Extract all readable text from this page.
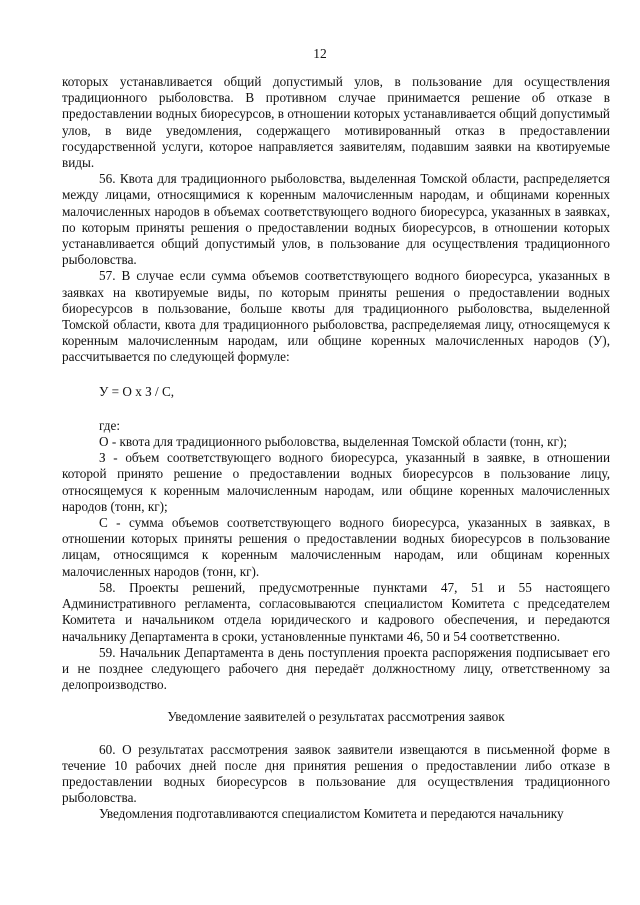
12

которых устанавливается общий допустимый улов, в пользование для осуществления традиционного рыболовства. В противном случае принимается решение об отказе в предоставлении водных биоресурсов, в отношении которых устанавливается общий допустимый улов, в виде уведомления, содержащего мотивированный отказ в предоставлении государственной услуги, которое направляется заявителям, подавшим заявки на квотируемые виды.

56. Квота для традиционного рыболовства, выделенная Томской области, распределяется между лицами, относящимися к коренным малочисленным народам, и общинами коренных малочисленных народов в объемах соответствующего водного биоресурса, указанных в заявках, по которым приняты решения о предоставлении водных биоресурсов, в отношении которых устанавливается общий допустимый улов, в пользование для осуществления традиционного рыболовства.

57. В случае если сумма объемов соответствующего водного биоресурса, указанных в заявках на квотируемые виды, по которым приняты решения о предоставлении водных биоресурсов в пользование, больше квоты для традиционного рыболовства, выделенной Томской области, квота для традиционного рыболовства, распределяемая лицу, относящемуся к коренным малочисленным народам, или общине коренных малочисленных народов (У), рассчитывается по следующей формуле:

У = О х З / С,

где:

О - квота для традиционного рыболовства, выделенная Томской области (тонн, кг);

З - объем соответствующего водного биоресурса, указанный в заявке, в отношении которой принято решение о предоставлении водных биоресурсов в пользование лицу, относящемуся к коренным малочисленным народам, или общине коренных малочисленных народов (тонн, кг);

С - сумма объемов соответствующего водного биоресурса, указанных в заявках, в отношении которых приняты решения о предоставлении водных биоресурсов в пользование лицам, относящимся к коренным малочисленным народам, или общинам коренных малочисленных народов (тонн, кг).

58. Проекты решений, предусмотренные пунктами 47, 51 и 55 настоящего Административного регламента, согласовываются специалистом Комитета с председателем Комитета и начальником отдела юридического и кадрового обеспечения, и передаются начальнику Департамента в сроки, установленные пунктами 46, 50 и 54 соответственно.

59. Начальник Департамента в день поступления проекта распоряжения подписывает его и не позднее следующего рабочего дня передаёт должностному лицу, ответственному за делопроизводство.

Уведомление заявителей о результатах рассмотрения заявок

60. О результатах рассмотрения заявок заявители извещаются в письменной форме в течение 10 рабочих дней после дня принятия решения о предоставлении либо отказе в предоставлении водных биоресурсов в пользование для осуществления традиционного рыболовства.

Уведомления подготавливаются специалистом Комитета и передаются начальнику
